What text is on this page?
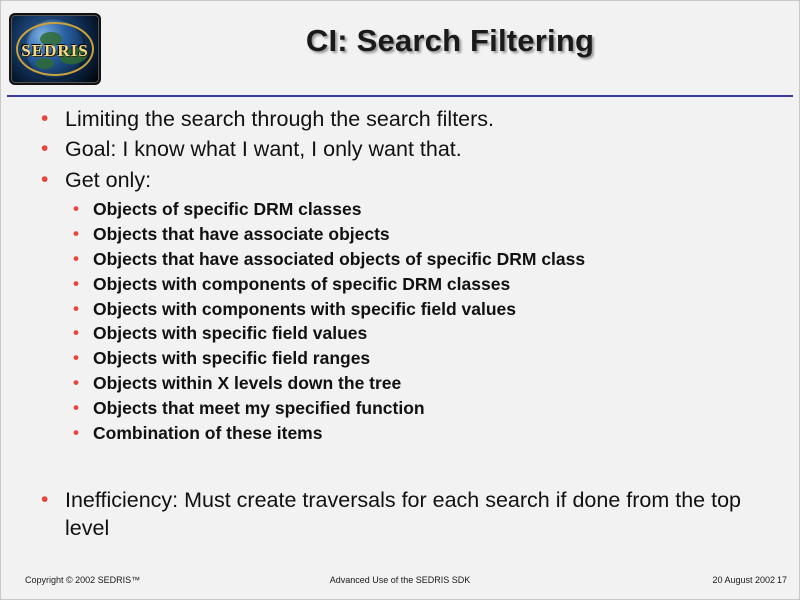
SEDRIS	CI: Search Filtering
• Limiting the search through the search filters.
• Goal: I know what I want, I only want that.
• Get only:
• Objects of specific DRM classes
• Objects that have associate objects
• Objects that have associated objects of specific DRM class
• Objects with components of specific DRM classes
• Objects with components with specific field values
• Objects with specific field values
• Objects with specific field ranges
• Objects within X levels down the tree
• Objects that meet my specified function
• Combination of these items
• Inefficiency: Must create traversals for each search if done from the top level
Copyright © 2002 SEDRIS™	Advanced Use of the SEDRIS SDK	20 August 2002 17
